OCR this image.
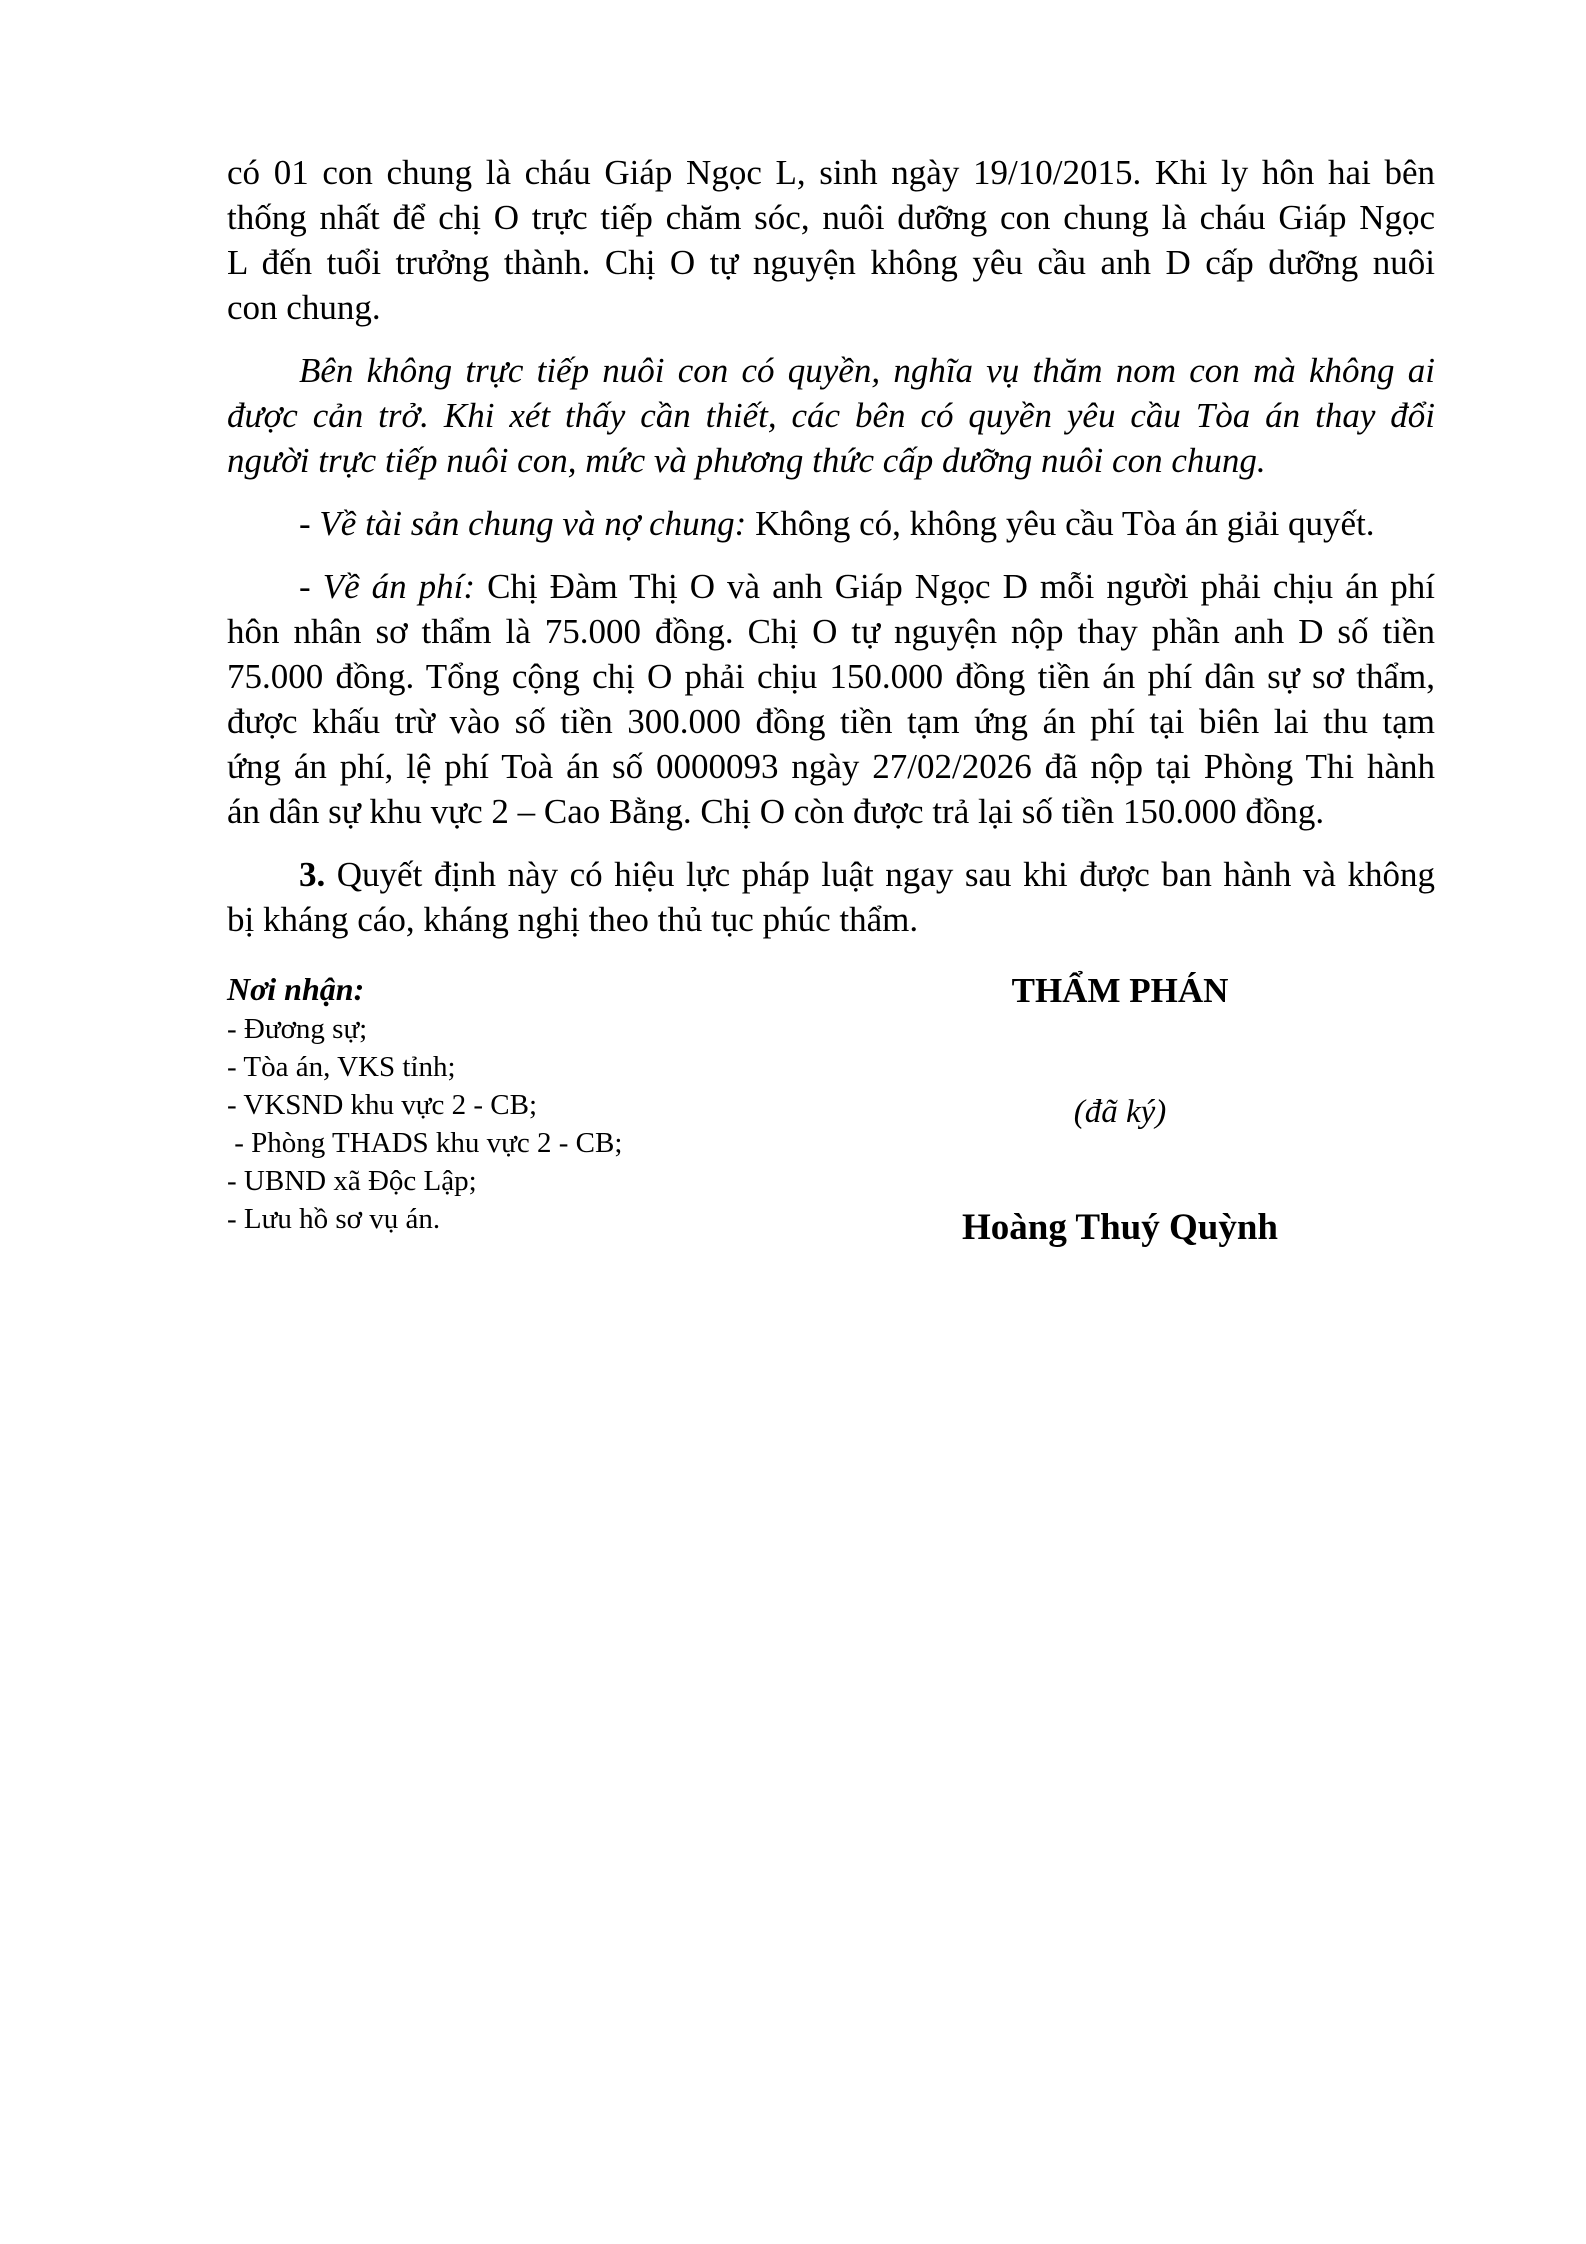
có 01 con chung là cháu Giáp Ngọc L, sinh ngày 19/10/2015. Khi ly hôn hai bên
thống nhất để chị O trực tiếp chăm sóc, nuôi dưỡng con chung là cháu Giáp Ngọc
L đến tuổi trưởng thành. Chị O tự nguyện không yêu cầu anh D cấp dưỡng nuôi
con chung.
Bên không trực tiếp nuôi con có quyền, nghĩa vụ thăm nom con mà không ai
được cản trở. Khi xét thấy cần thiết, các bên có quyền yêu cầu Tòa án thay đổi
người trực tiếp nuôi con, mức và phương thức cấp dưỡng nuôi con chung.
- Về tài sản chung và nợ chung: Không có, không yêu cầu Tòa án giải quyết.
- Về án phí: Chị Đàm Thị O và anh Giáp Ngọc D mỗi người phải chịu án phí
hôn nhân sơ thẩm là 75.000 đồng. Chị O tự nguyện nộp thay phần anh D số tiền
75.000 đồng. Tổng cộng chị O phải chịu 150.000 đồng tiền án phí dân sự sơ thẩm,
được khấu trừ vào số tiền 300.000 đồng tiền tạm ứng án phí tại biên lai thu tạm
ứng án phí, lệ phí Toà án số 0000093 ngày 27/02/2026 đã nộp tại Phòng Thi hành
án dân sự khu vực 2 – Cao Bằng. Chị O còn được trả lại số tiền 150.000 đồng.
3. Quyết định này có hiệu lực pháp luật ngay sau khi được ban hành và không
bị kháng cáo, kháng nghị theo thủ tục phúc thẩm.
Nơi nhận:
- Đương sự;
- Tòa án, VKS tỉnh;
- VKSND khu vực 2 - CB;
- Phòng THADS khu vực 2 - CB;
- UBND xã Độc Lập;
- Lưu hồ sơ vụ án.
THẨM PHÁN
(đã ký)
Hoàng Thuý Quỳnh
